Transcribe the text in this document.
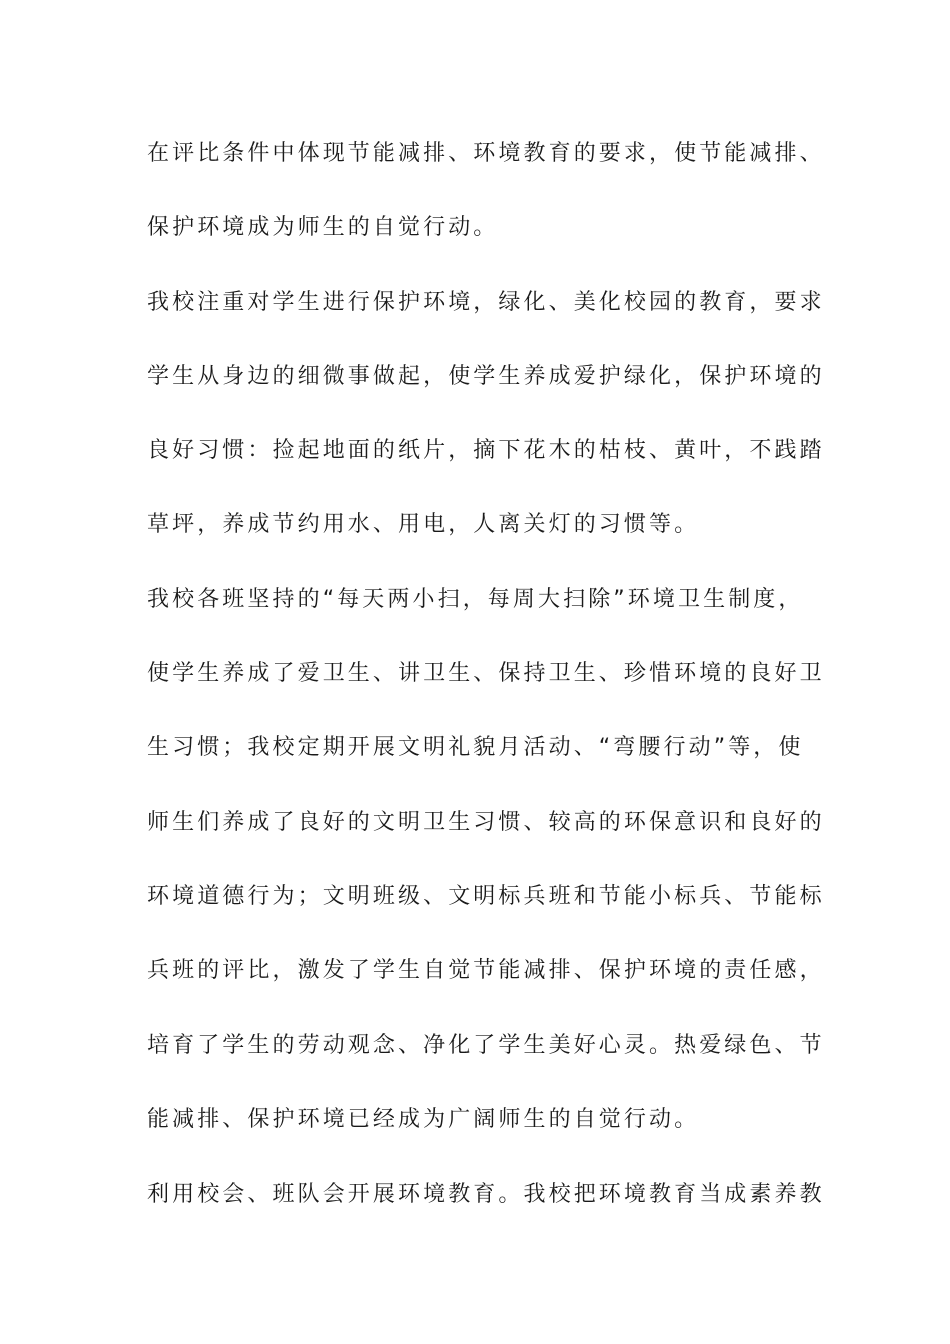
在评比条件中体现节能减排、环境教育的要求，使节能减排、
保护环境成为师生的自觉行动。
我校注重对学生进行保护环境，绿化、美化校园的教育，要求
学生从身边的细微事做起，使学生养成爱护绿化，保护环境的
良好习惯：捡起地面的纸片，摘下花木的枯枝、黄叶，不践踏
草坪，养成节约用水、用电，人离关灯的习惯等。
我校各班坚持的“每天两小扫，每周大扫除”环境卫生制度，
使学生养成了爱卫生、讲卫生、保持卫生、珍惜环境的良好卫
生习惯；我校定期开展文明礼貌月活动、“弯腰行动”等，使
师生们养成了良好的文明卫生习惯、较高的环保意识和良好的
环境道德行为；文明班级、文明标兵班和节能小标兵、节能标
兵班的评比，激发了学生自觉节能减排、保护环境的责任感，
培育了学生的劳动观念、净化了学生美好心灵。热爱绿色、节
能减排、保护环境已经成为广阔师生的自觉行动。
利用校会、班队会开展环境教育。我校把环境教育当成素养教
